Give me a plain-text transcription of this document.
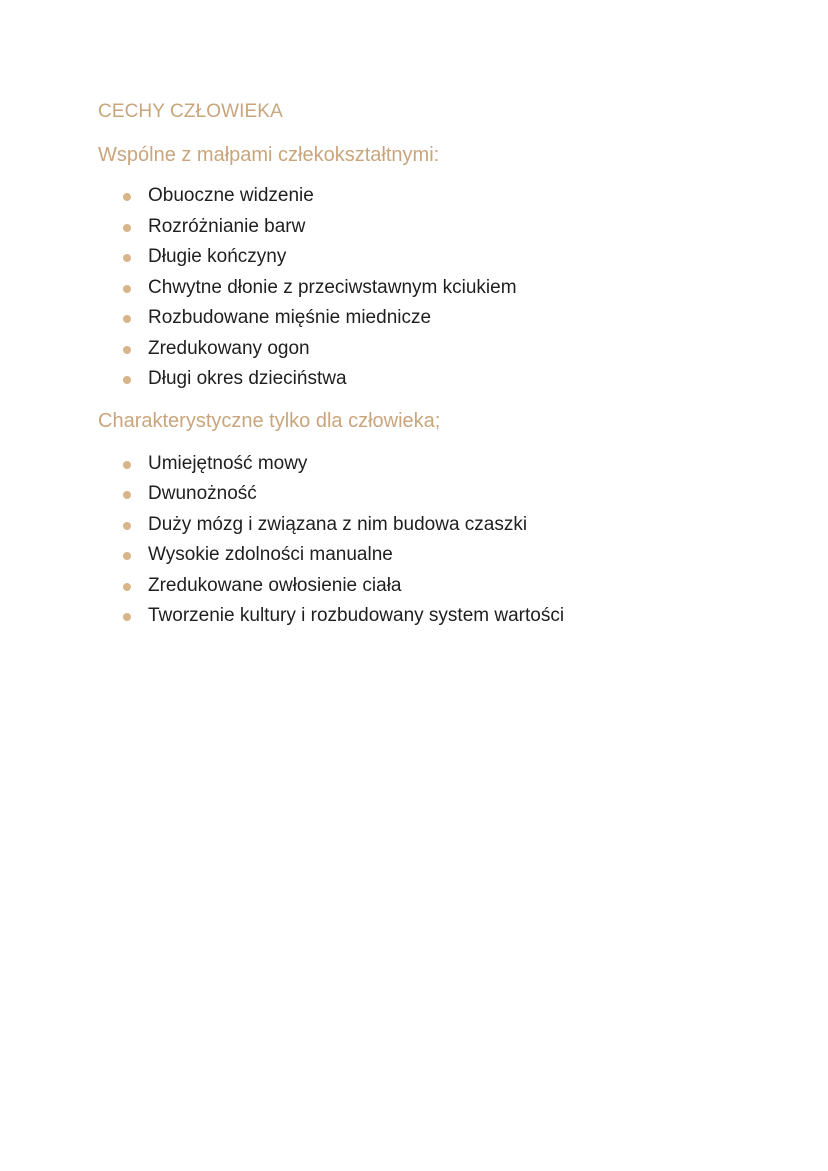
CECHY CZŁOWIEKA
Wspólne z małpami człekokształtnymi:
Obuoczne widzenie
Rozróżnianie barw
Długie kończyny
Chwytne dłonie z przeciwstawnym kciukiem
Rozbudowane mięśnie miednicze
Zredukowany ogon
Długi okres dzieciństwa
Charakterystyczne tylko dla człowieka;
Umiejętność mowy
Dwunożność
Duży mózg i związana z nim budowa czaszki
Wysokie zdolności manualne
Zredukowane owłosienie ciała
Tworzenie kultury i rozbudowany system wartości
